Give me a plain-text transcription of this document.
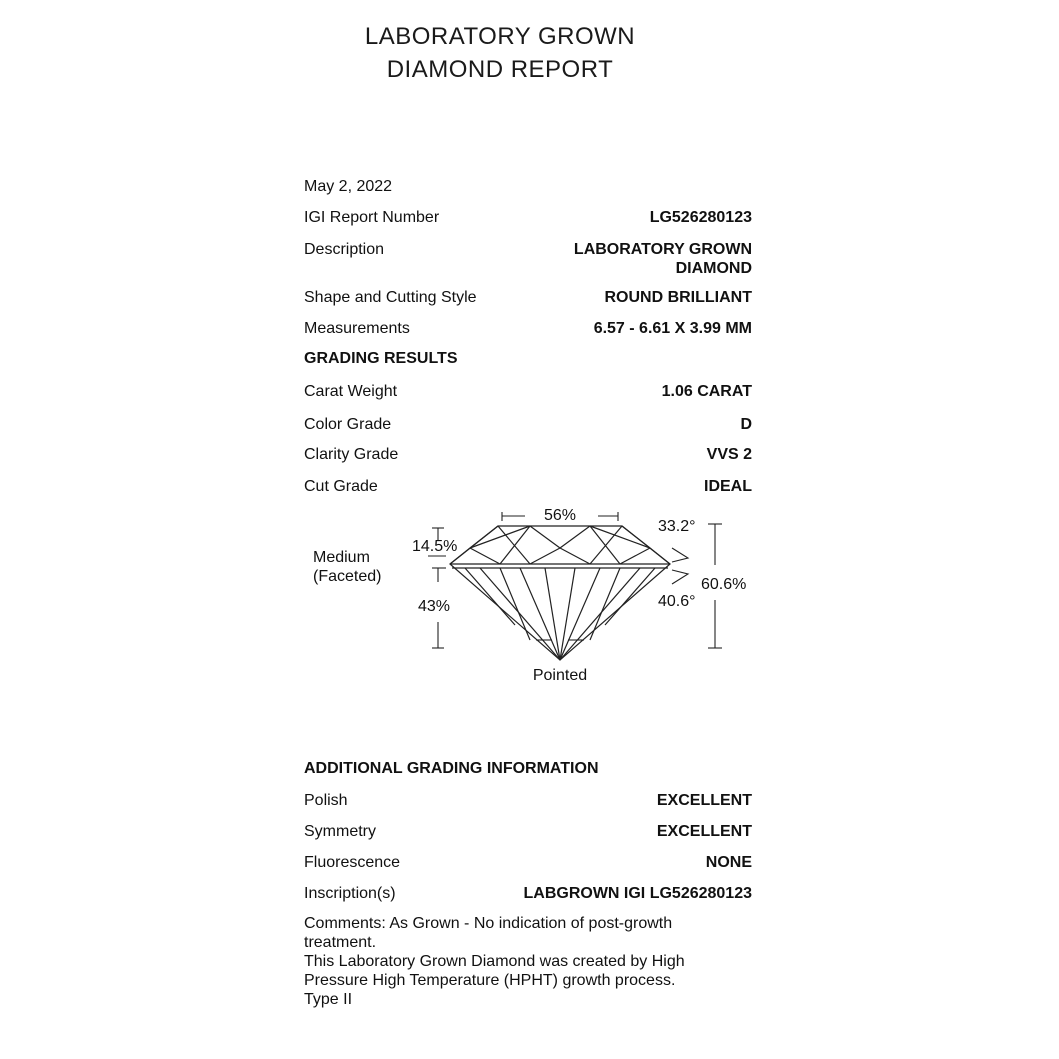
LABORATORY GROWN
DIAMOND REPORT
May 2, 2022
IGI Report Number	LG526280123
Description	LABORATORY GROWN DIAMOND
Shape and Cutting Style	ROUND BRILLIANT
Measurements	6.57 - 6.61 X 3.99 MM
GRADING RESULTS
Carat Weight	1.06 CARAT
Color Grade	D
Clarity Grade	VVS 2
Cut Grade	IDEAL
56%
14.5%
43%
Medium
(Faceted)
33.2°
40.6°
60.6%
Pointed
ADDITIONAL GRADING INFORMATION
Polish	EXCELLENT
Symmetry	EXCELLENT
Fluorescence	NONE
Inscription(s)	LABGROWN IGI LG526280123
Comments: As Grown - No indication of post-growth
treatment.
This Laboratory Grown Diamond was created by High
Pressure High Temperature (HPHT) growth process.
Type II
